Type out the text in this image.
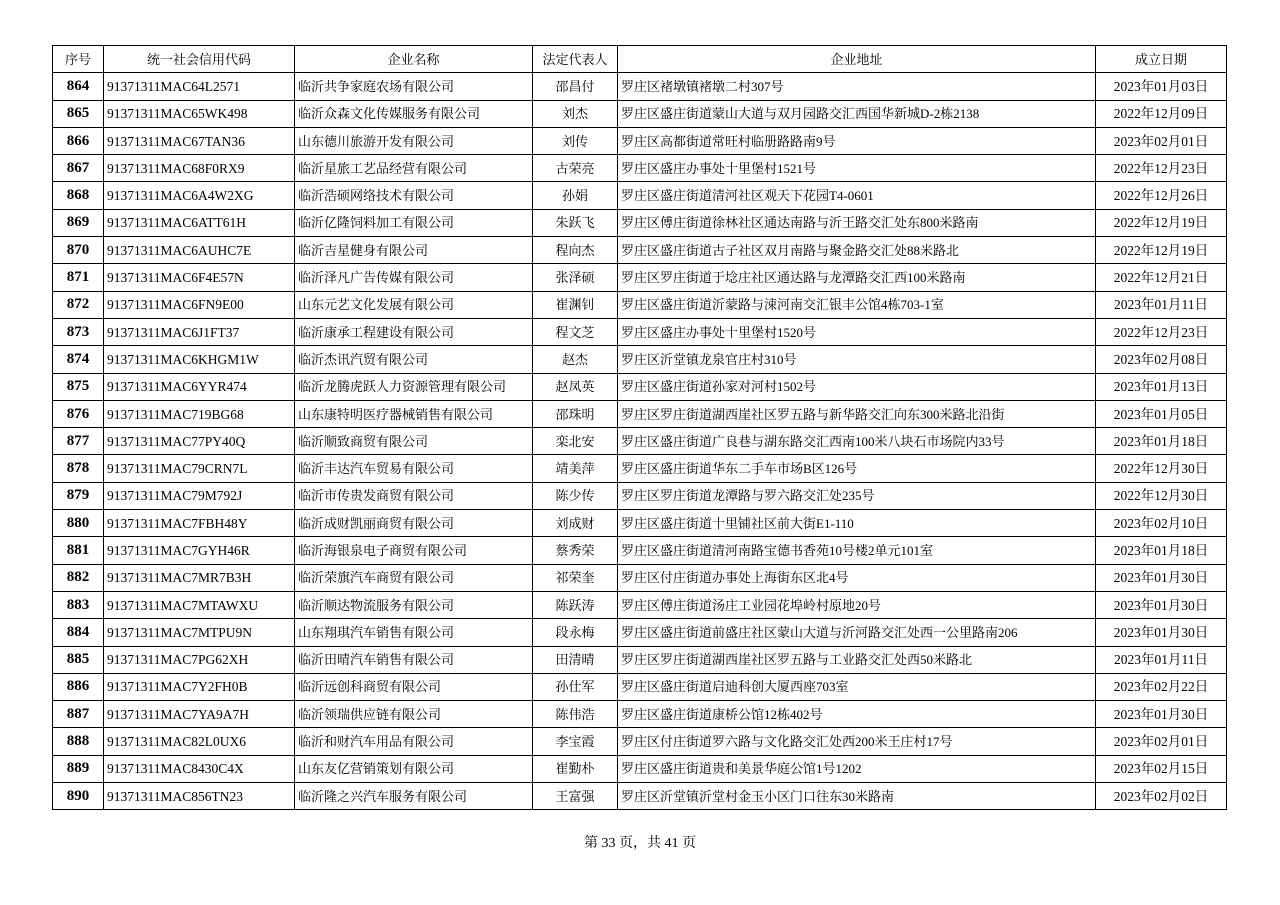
序号	统一社会信用代码	企业名称	法定代表人	企业地址	成立日期
864	91371311MAC64L2571	临沂共争家庭农场有限公司	邵昌付	罗庄区褚墩镇褚墩二村307号	2023年01月03日
865	91371311MAC65WK498	临沂众森文化传媒服务有限公司	刘杰	罗庄区盛庄街道蒙山大道与双月园路交汇西国华新城D-2栋2138	2022年12月09日
866	91371311MAC67TAN36	山东德川旅游开发有限公司	刘传	罗庄区高都街道常旺村临册路路南9号	2023年02月01日
867	91371311MAC68F0RX9	临沂星旅工艺品经营有限公司	古荣亮	罗庄区盛庄办事处十里堡村1521号	2022年12月23日
868	91371311MAC6A4W2XG	临沂浩硕网络技术有限公司	孙娟	罗庄区盛庄街道清河社区观天下花园T4-0601	2022年12月26日
869	91371311MAC6ATT61H	临沂亿隆饲料加工有限公司	朱跃飞	罗庄区傅庄街道徐林社区通达南路与沂王路交汇处东800米路南	2022年12月19日
870	91371311MAC6AUHC7E	临沂吉星健身有限公司	程向杰	罗庄区盛庄街道古子社区双月南路与聚金路交汇处88米路北	2022年12月19日
871	91371311MAC6F4E57N	临沂泽凡广告传媒有限公司	张泽硕	罗庄区罗庄街道于埝庄社区通达路与龙潭路交汇西100米路南	2022年12月21日
872	91371311MAC6FN9E00	山东元艺文化发展有限公司	崔渊钊	罗庄区盛庄街道沂蒙路与涑河南交汇银丰公馆4栋703-1室	2023年01月11日
873	91371311MAC6J1FT37	临沂康承工程建设有限公司	程文芝	罗庄区盛庄办事处十里堡村1520号	2022年12月23日
874	91371311MAC6KHGM1W	临沂杰讯汽贸有限公司	赵杰	罗庄区沂堂镇龙泉官庄村310号	2023年02月08日
875	91371311MAC6YYR474	临沂龙腾虎跃人力资源管理有限公司	赵凤英	罗庄区盛庄街道孙家对河村1502号	2023年01月13日
876	91371311MAC719BG68	山东康特明医疗器械销售有限公司	邵珠明	罗庄区罗庄街道湖西崖社区罗五路与新华路交汇向东300米路北沿街	2023年01月05日
877	91371311MAC77PY40Q	临沂顺致商贸有限公司	栾北安	罗庄区盛庄街道广良巷与湖东路交汇西南100米八块石市场院内33号	2023年01月18日
878	91371311MAC79CRN7L	临沂丰达汽车贸易有限公司	靖美萍	罗庄区盛庄街道华东二手车市场B区126号	2022年12月30日
879	91371311MAC79M792J	临沂市传贵发商贸有限公司	陈少传	罗庄区罗庄街道龙潭路与罗六路交汇处235号	2022年12月30日
880	91371311MAC7FBH48Y	临沂成财凯丽商贸有限公司	刘成财	罗庄区盛庄街道十里铺社区前大街E1-110	2023年02月10日
881	91371311MAC7GYH46R	临沂海银泉电子商贸有限公司	蔡秀荣	罗庄区盛庄街道清河南路宝德书香苑10号楼2单元101室	2023年01月18日
882	91371311MAC7MR7B3H	临沂荣旗汽车商贸有限公司	祁荣奎	罗庄区付庄街道办事处上海街东区北4号	2023年01月30日
883	91371311MAC7MTAWXU	临沂顺达物流服务有限公司	陈跃涛	罗庄区傅庄街道汤庄工业园花埠岭村原地20号	2023年01月30日
884	91371311MAC7MTPU9N	山东翔琪汽车销售有限公司	段永梅	罗庄区盛庄街道前盛庄社区蒙山大道与沂河路交汇处西一公里路南206	2023年01月30日
885	91371311MAC7PG62XH	临沂田晴汽车销售有限公司	田清晴	罗庄区罗庄街道湖西崖社区罗五路与工业路交汇处西50米路北	2023年01月11日
886	91371311MAC7Y2FH0B	临沂远创科商贸有限公司	孙仕军	罗庄区盛庄街道启迪科创大厦西座703室	2023年02月22日
887	91371311MAC7YA9A7H	临沂领瑞供应链有限公司	陈伟浩	罗庄区盛庄街道康桥公馆12栋402号	2023年01月30日
888	91371311MAC82L0UX6	临沂和财汽车用品有限公司	李宝霞	罗庄区付庄街道罗六路与文化路交汇处西200米王庄村17号	2023年02月01日
889	91371311MAC8430C4X	山东友亿营销策划有限公司	崔勤朴	罗庄区盛庄街道贵和美景华庭公馆1号1202	2023年02月15日
890	91371311MAC856TN23	临沂隆之兴汽车服务有限公司	王富强	罗庄区沂堂镇沂堂村金玉小区门口往东30米路南	2023年02月02日
第 33 页，共 41 页
